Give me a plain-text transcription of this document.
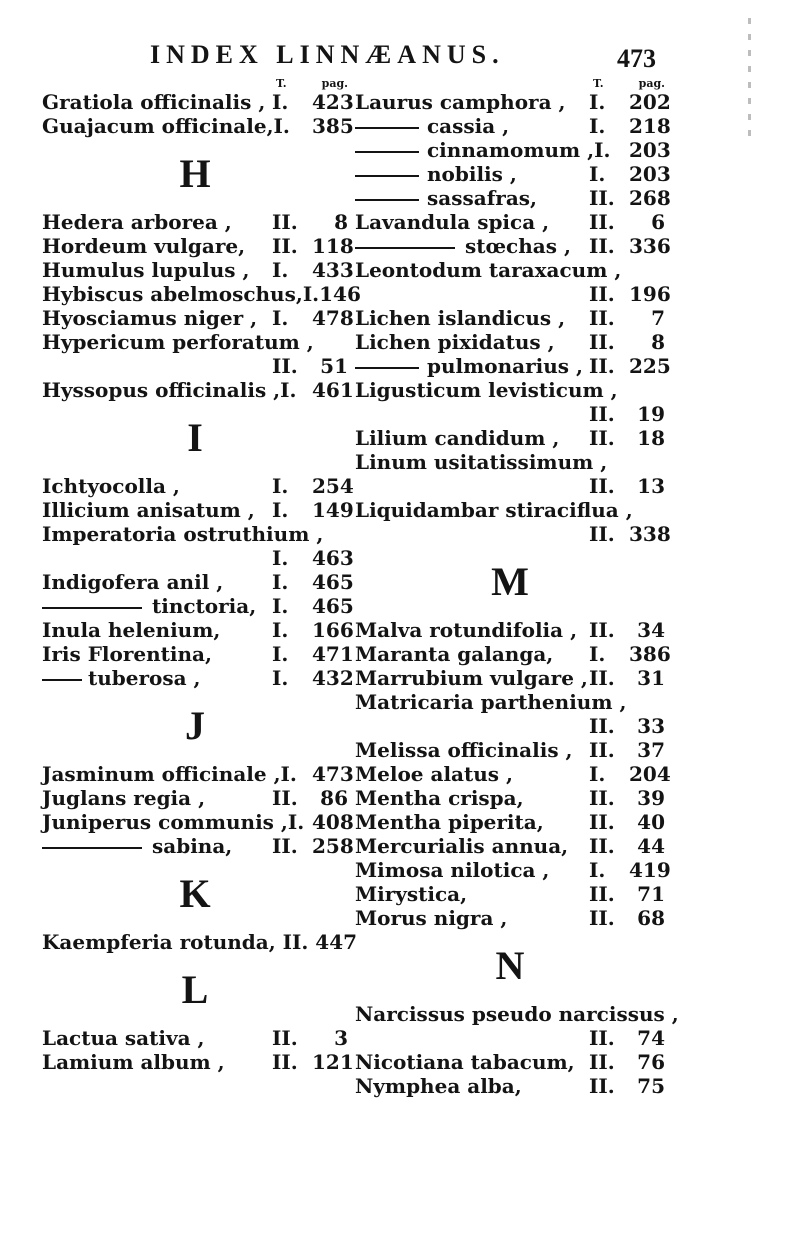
INDEX LINNÆANUS.	473
T.	pag.
Gratiola officinalis , I.	423
Guajacum officinale, I.	385
H
Hedera arborea ,	II.	8
Hordeum vulgare,	II. 118
Humulus lupulus ,	I.	433
Hybiscus abelmoschus, I. 146
Hyosciamus niger , I.	478
Hypericum perforatum ,
II.	51
Hyssopus officinalis , I. 461
I
Ichtyocolla ,	I.	254
Illicium anisatum , I.	149
Imperatoria ostruthium ,
I.	463
Indigofera anil ,	I.	465
tinctoria, I.	465
Inula helenium,	I.	166
Iris Florentina,	I.	471
tuberosa ,	I.	432
J
Jasminum officinale , I. 473
Juglans regia ,	II.	86
Juniperus communis , I. 408
sabina,	II. 258
K
Kaempferia rotunda, II. 447
L
Lactua sativa ,	II.	3
Lamium album ,	II. 121
T.	pag.
Laurus camphora ,	I.	202
cassia ,	I.	218
cinnamomum , I. 203
nobilis ,	I.	203
sassafras,	II. 268
Lavandula spica ,	II.	6
stœchas , II. 336
Leontodum taraxacum ,
II. 196
Lichen islandicus ,	II.	7
Lichen pixidatus ,	II.	8
pulmonarius , II. 225
Ligusticum levisticum ,
II.	19
Lilium candidum ,	II.	18
Linum usitatissimum ,
II.	13
Liquidambar stiraciflua ,
II. 338
M
Malva rotundifolia , II.	34
Maranta galanga,	I.	386
Marrubium vulgare , II.	31
Matricaria parthenium ,
II.	33
Melissa officinalis , II.	37
Meloe alatus ,	I.	204
Mentha crispa,	II.	39
Mentha piperita,	II.	40
Mercurialis annua,	II.	44
Mimosa nilotica ,	I.	419
Mirystica,	II.	71
Morus nigra ,	II.	68
N
Narcissus pseudo narcissus ,
II.	74
Nicotiana tabacum, II.	76
Nymphea alba,	II.	75
